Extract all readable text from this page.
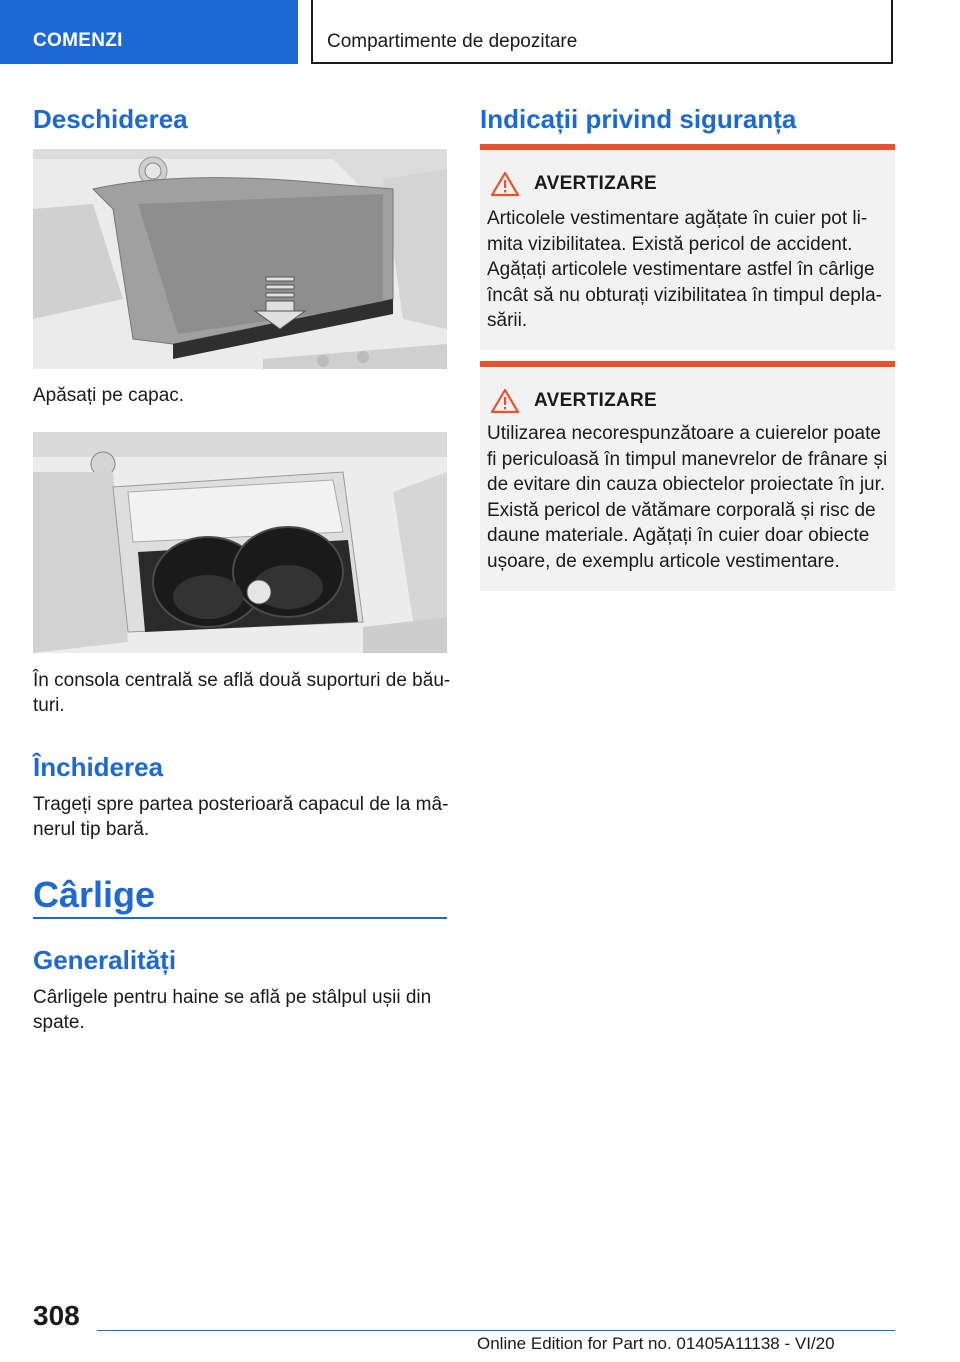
COMENZI	Compartimente de depozitare
Deschiderea

Apăsați pe capac.

În consola centrală se află două suporturi de bău‐
turi.

Închiderea

Trageți spre partea posterioară capacul de la mâ‐
nerul tip bară.

Cârlige
Generalități

Cârligele pentru haine se află pe stâlpul ușii din
spate.

Indicații privind siguranța
AVERTIZARE

Articolele vestimentare agățate în cuier pot li‐
mita vizibilitatea. Există pericol de accident.
Agățați articolele vestimentare astfel în cârlige
încât să nu obturați vizibilitatea în timpul depla‐
sării.

AVERTIZARE

Utilizarea necorespunzătoare a cuierelor poate
fi periculoasă în timpul manevrelor de frânare și
de evitare din cauza obiectelor proiectate în jur.
Există pericol de vătămare corporală și risc de
daune materiale. Agățați în cuier doar obiecte
ușoare, de exemplu articole vestimentare.

308
Online Edition for Part no. 01405A11138 - VI/20
